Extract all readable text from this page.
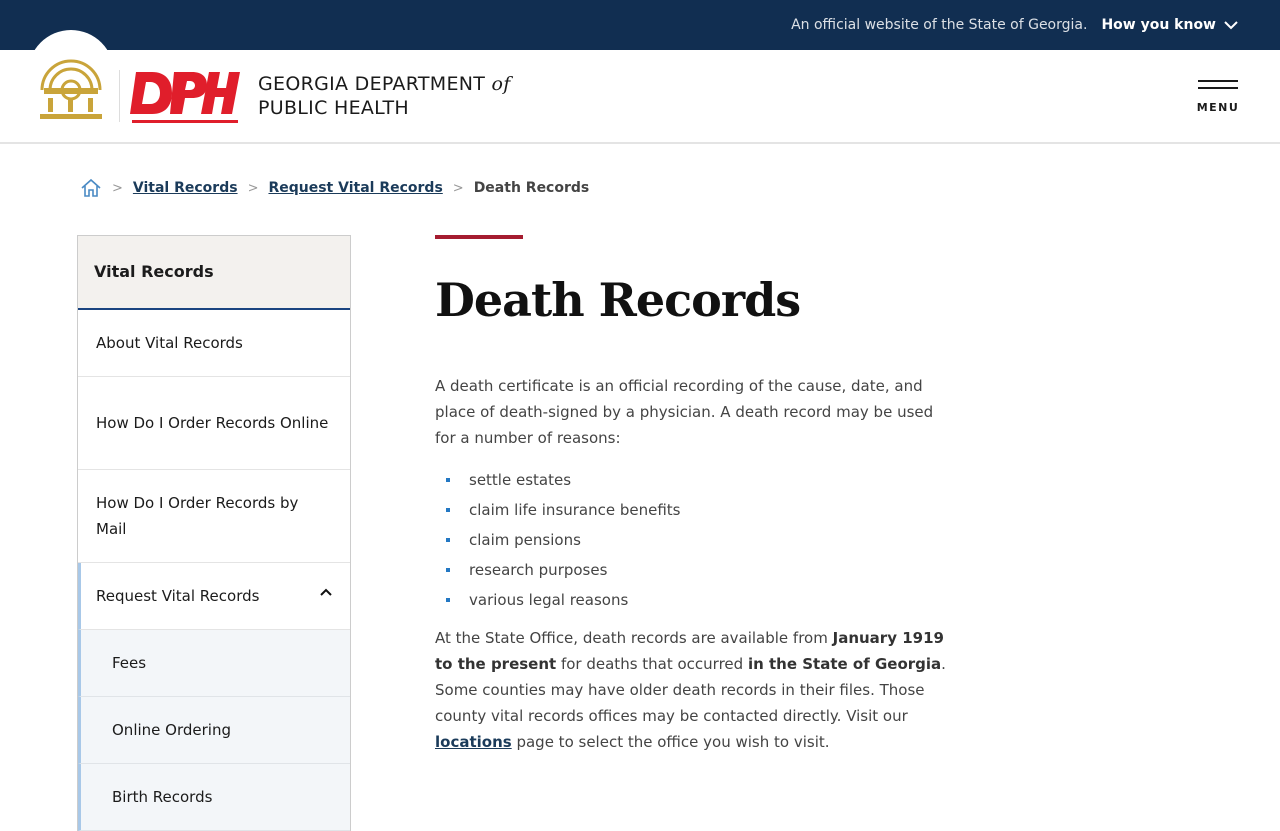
An official website of the State of Georgia. How you know
GEORGIA DEPARTMENT of
PUBLIC HEALTH	MENU
> Vital Records > Request Vital Records > Death Records
Vital Records
About Vital Records
How Do I Order Records Online
How Do I Order Records by Mail
Request Vital Records
Fees
Online Ordering
Birth Records
Death Records

A death certificate is an official recording of the cause, date, and place of death-signed by a physician. A death record may be used for a number of reasons:

settle estates
claim life insurance benefits
claim pensions
research purposes
various legal reasons

At the State Office, death records are available from January 1919 to the present for deaths that occurred in the State of Georgia. Some counties may have older death records in their files. Those county vital records offices may be contacted directly. Visit our locations page to select the office you wish to visit.
